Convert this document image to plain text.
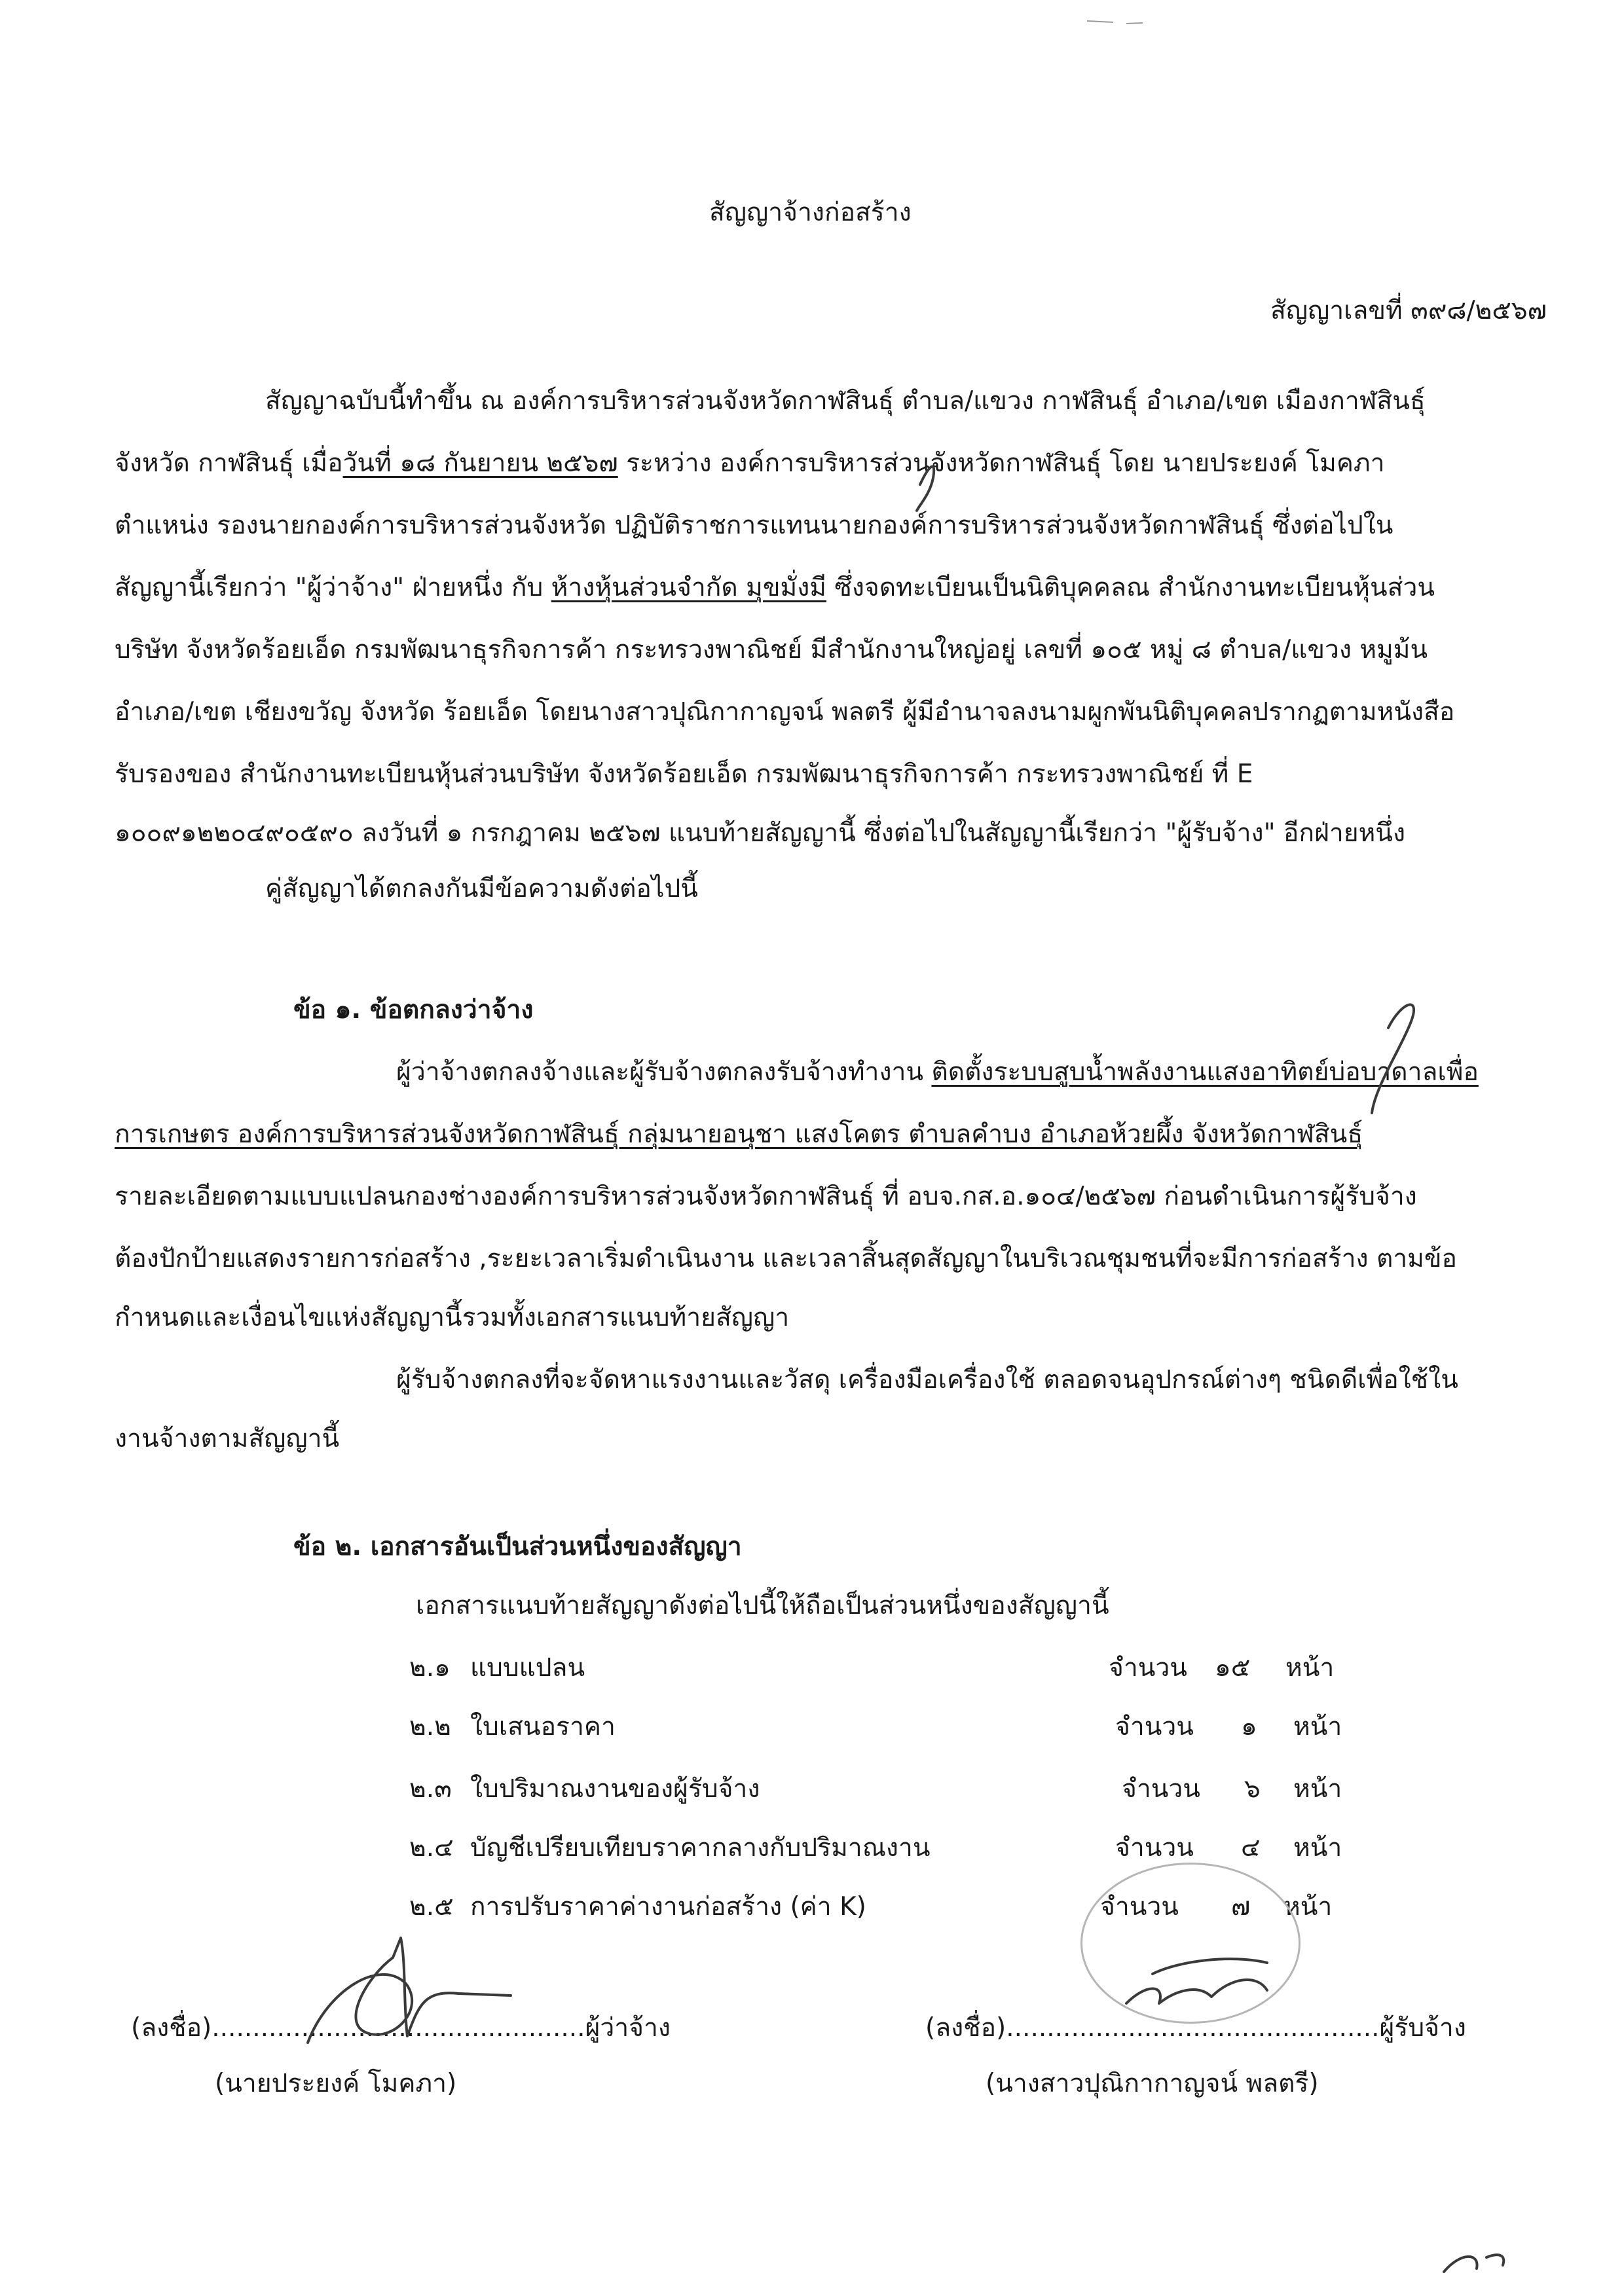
สัญญาจ้างก่อสร้าง
สัญญาเลขที่ ๓๙๘/๒๕๖๗
สัญญาฉบับนี้ทำขึ้น ณ องค์การบริหารส่วนจังหวัดกาฬสินธุ์ ตำบล/แขวง กาฬสินธุ์ อำเภอ/เขต เมืองกาฬสินธุ์
จังหวัด กาฬสินธุ์ เมื่อวันที่ ๑๘ กันยายน ๒๕๖๗ ระหว่าง องค์การบริหารส่วนจังหวัดกาฬสินธุ์ โดย นายประยงค์ โมคภา
ตำแหน่ง รองนายกองค์การบริหารส่วนจังหวัด ปฏิบัติราชการแทนนายกองค์การบริหารส่วนจังหวัดกาฬสินธุ์ ซึ่งต่อไปใน
สัญญานี้เรียกว่า "ผู้ว่าจ้าง" ฝ่ายหนึ่ง กับ ห้างหุ้นส่วนจำกัด มุขมั่งมี ซึ่งจดทะเบียนเป็นนิติบุคคลณ สำนักงานทะเบียนหุ้นส่วน
บริษัท จังหวัดร้อยเอ็ด กรมพัฒนาธุรกิจการค้า กระทรวงพาณิชย์ มีสำนักงานใหญ่อยู่ เลขที่ ๑๐๕ หมู่ ๘ ตำบล/แขวง หมูม้น
อำเภอ/เขต เชียงขวัญ จังหวัด ร้อยเอ็ด โดยนางสาวปุณิกากาญจน์ พลตรี ผู้มีอำนาจลงนามผูกพันนิติบุคคลปรากฏตามหนังสือ
รับรองของ สำนักงานทะเบียนหุ้นส่วนบริษัท จังหวัดร้อยเอ็ด กรมพัฒนาธุรกิจการค้า กระทรวงพาณิชย์ ที่ E
๑๐๐๙๑๒๒๐๔๙๐๕๙๐ ลงวันที่ ๑ กรกฎาคม ๒๕๖๗ แนบท้ายสัญญานี้ ซึ่งต่อไปในสัญญานี้เรียกว่า "ผู้รับจ้าง" อีกฝ่ายหนึ่ง
คู่สัญญาได้ตกลงกันมีข้อความดังต่อไปนี้
ข้อ ๑. ข้อตกลงว่าจ้าง
ผู้ว่าจ้างตกลงจ้างและผู้รับจ้างตกลงรับจ้างทำงาน ติดตั้งระบบสูบน้ำพลังงานแสงอาทิตย์บ่อบาดาลเพื่อ
การเกษตร องค์การบริหารส่วนจังหวัดกาฬสินธุ์ กลุ่มนายอนุชา แสงโคตร ตำบลคำบง อำเภอห้วยผึ้ง จังหวัดกาฬสินธุ์
รายละเอียดตามแบบแปลนกองช่างองค์การบริหารส่วนจังหวัดกาฬสินธุ์ ที่ อบจ.กส.อ.๑๐๔/๒๕๖๗ ก่อนดำเนินการผู้รับจ้าง
ต้องปักป้ายแสดงรายการก่อสร้าง ,ระยะเวลาเริ่มดำเนินงาน และเวลาสิ้นสุดสัญญาในบริเวณชุมชนที่จะมีการก่อสร้าง ตามข้อ
กำหนดและเงื่อนไขแห่งสัญญานี้รวมทั้งเอกสารแนบท้ายสัญญา
ผู้รับจ้างตกลงที่จะจัดหาแรงงานและวัสดุ เครื่องมือเครื่องใช้ ตลอดจนอุปกรณ์ต่างๆ ชนิดดีเพื่อใช้ใน
งานจ้างตามสัญญานี้
ข้อ ๒. เอกสารอันเป็นส่วนหนึ่งของสัญญา
เอกสารแนบท้ายสัญญาดังต่อไปนี้ให้ถือเป็นส่วนหนึ่งของสัญญานี้
๒.๑ แบบแปลน	จำนวน ๑๕ หน้า
๒.๒ ใบเสนอราคา	จำนวน ๑ หน้า
๒.๓ ใบปริมาณงานของผู้รับจ้าง	จำนวน ๖ หน้า
๒.๔ บัญชีเปรียบเทียบราคากลางกับปริมาณงาน	จำนวน ๔ หน้า
๒.๕ การปรับราคาค่างานก่อสร้าง (ค่า K)	จำนวน ๗ หน้า
(ลงชื่อ)..............................................ผู้ว่าจ้าง
(นายประยงค์ โมคภา)
(ลงชื่อ)..............................................ผู้รับจ้าง
(นางสาวปุณิกากาญจน์ พลตรี)
